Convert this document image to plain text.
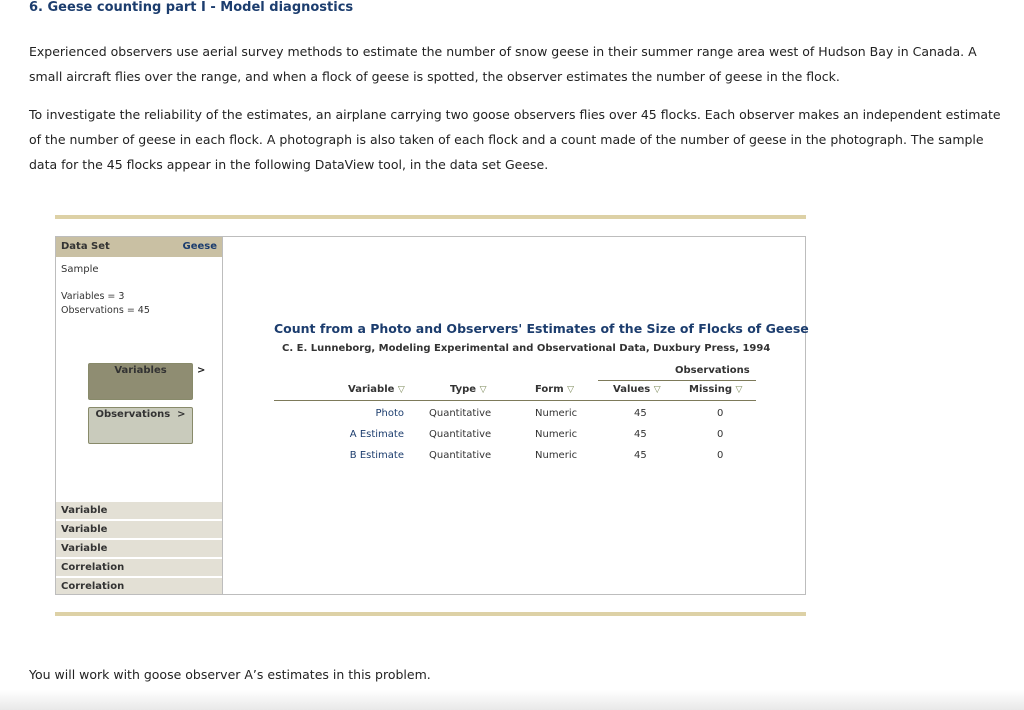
6. Geese counting part I - Model diagnostics
Experienced observers use aerial survey methods to estimate the number of snow geese in their summer range area west of Hudson Bay in Canada. A small aircraft flies over the range, and when a flock of geese is spotted, the observer estimates the number of geese in the flock.
To investigate the reliability of the estimates, an airplane carrying two goose observers flies over 45 flocks. Each observer makes an independent estimate of the number of geese in each flock. A photograph is also taken of each flock and a count made of the number of geese in the photograph. The sample data for the 45 flocks appear in the following DataView tool, in the data set Geese.
Data Set	Geese
Sample
Variables = 3
Observations = 45
Variables	>
Observations >
Variable
Variable
Variable
Correlation
Correlation
Count from a Photo and Observers' Estimates of the Size of Flocks of Geese
C. E. Lunneborg, Modeling Experimental and Observational Data, Duxbury Press, 1994
Observations
Variable ▽	Type ▽	Form ▽	Values ▽	Missing ▽
Photo	Quantitative	Numeric	45	0
A Estimate	Quantitative	Numeric	45	0
B Estimate	Quantitative	Numeric	45	0
You will work with goose observer A’s estimates in this problem.
